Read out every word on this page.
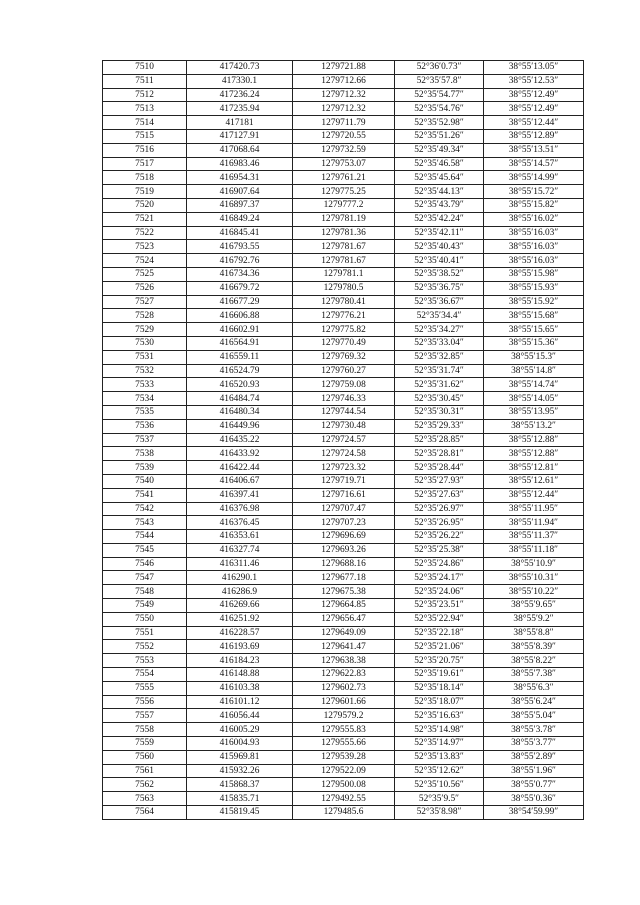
7510	417420.73	1279721.88	52°36′0.73″	38°55′13.05″
7511	417330.1	1279712.66	52°35′57.8″	38°55′12.53″
7512	417236.24	1279712.32	52°35′54.77″	38°55′12.49″
7513	417235.94	1279712.32	52°35′54.76″	38°55′12.49″
7514	417181	1279711.79	52°35′52.98″	38°55′12.44″
7515	417127.91	1279720.55	52°35′51.26″	38°55′12.89″
7516	417068.64	1279732.59	52°35′49.34″	38°55′13.51″
7517	416983.46	1279753.07	52°35′46.58″	38°55′14.57″
7518	416954.31	1279761.21	52°35′45.64″	38°55′14.99″
7519	416907.64	1279775.25	52°35′44.13″	38°55′15.72″
7520	416897.37	1279777.2	52°35′43.79″	38°55′15.82″
7521	416849.24	1279781.19	52°35′42.24″	38°55′16.02″
7522	416845.41	1279781.36	52°35′42.11″	38°55′16.03″
7523	416793.55	1279781.67	52°35′40.43″	38°55′16.03″
7524	416792.76	1279781.67	52°35′40.41″	38°55′16.03″
7525	416734.36	1279781.1	52°35′38.52″	38°55′15.98″
7526	416679.72	1279780.5	52°35′36.75″	38°55′15.93″
7527	416677.29	1279780.41	52°35′36.67″	38°55′15.92″
7528	416606.88	1279776.21	52°35′34.4″	38°55′15.68″
7529	416602.91	1279775.82	52°35′34.27″	38°55′15.65″
7530	416564.91	1279770.49	52°35′33.04″	38°55′15.36″
7531	416559.11	1279769.32	52°35′32.85″	38°55′15.3″
7532	416524.79	1279760.27	52°35′31.74″	38°55′14.8″
7533	416520.93	1279759.08	52°35′31.62″	38°55′14.74″
7534	416484.74	1279746.33	52°35′30.45″	38°55′14.05″
7535	416480.34	1279744.54	52°35′30.31″	38°55′13.95″
7536	416449.96	1279730.48	52°35′29.33″	38°55′13.2″
7537	416435.22	1279724.57	52°35′28.85″	38°55′12.88″
7538	416433.92	1279724.58	52°35′28.81″	38°55′12.88″
7539	416422.44	1279723.32	52°35′28.44″	38°55′12.81″
7540	416406.67	1279719.71	52°35′27.93″	38°55′12.61″
7541	416397.41	1279716.61	52°35′27.63″	38°55′12.44″
7542	416376.98	1279707.47	52°35′26.97″	38°55′11.95″
7543	416376.45	1279707.23	52°35′26.95″	38°55′11.94″
7544	416353.61	1279696.69	52°35′26.22″	38°55′11.37″
7545	416327.74	1279693.26	52°35′25.38″	38°55′11.18″
7546	416311.46	1279688.16	52°35′24.86″	38°55′10.9″
7547	416290.1	1279677.18	52°35′24.17″	38°55′10.31″
7548	416286.9	1279675.38	52°35′24.06″	38°55′10.22″
7549	416269.66	1279664.85	52°35′23.51″	38°55′9.65″
7550	416251.92	1279656.47	52°35′22.94″	38°55′9.2″
7551	416228.57	1279649.09	52°35′22.18″	38°55′8.8″
7552	416193.69	1279641.47	52°35′21.06″	38°55′8.39″
7553	416184.23	1279638.38	52°35′20.75″	38°55′8.22″
7554	416148.88	1279622.83	52°35′19.61″	38°55′7.38″
7555	416103.38	1279602.73	52°35′18.14″	38°55′6.3″
7556	416101.12	1279601.66	52°35′18.07″	38°55′6.24″
7557	416056.44	1279579.2	52°35′16.63″	38°55′5.04″
7558	416005.29	1279555.83	52°35′14.98″	38°55′3.78″
7559	416004.93	1279555.66	52°35′14.97″	38°55′3.77″
7560	415969.81	1279539.28	52°35′13.83″	38°55′2.89″
7561	415932.26	1279522.09	52°35′12.62″	38°55′1.96″
7562	415868.37	1279500.08	52°35′10.56″	38°55′0.77″
7563	415835.71	1279492.55	52°35′9.5″	38°55′0.36″
7564	415819.45	1279485.6	52°35′8.98″	38°54′59.99″
